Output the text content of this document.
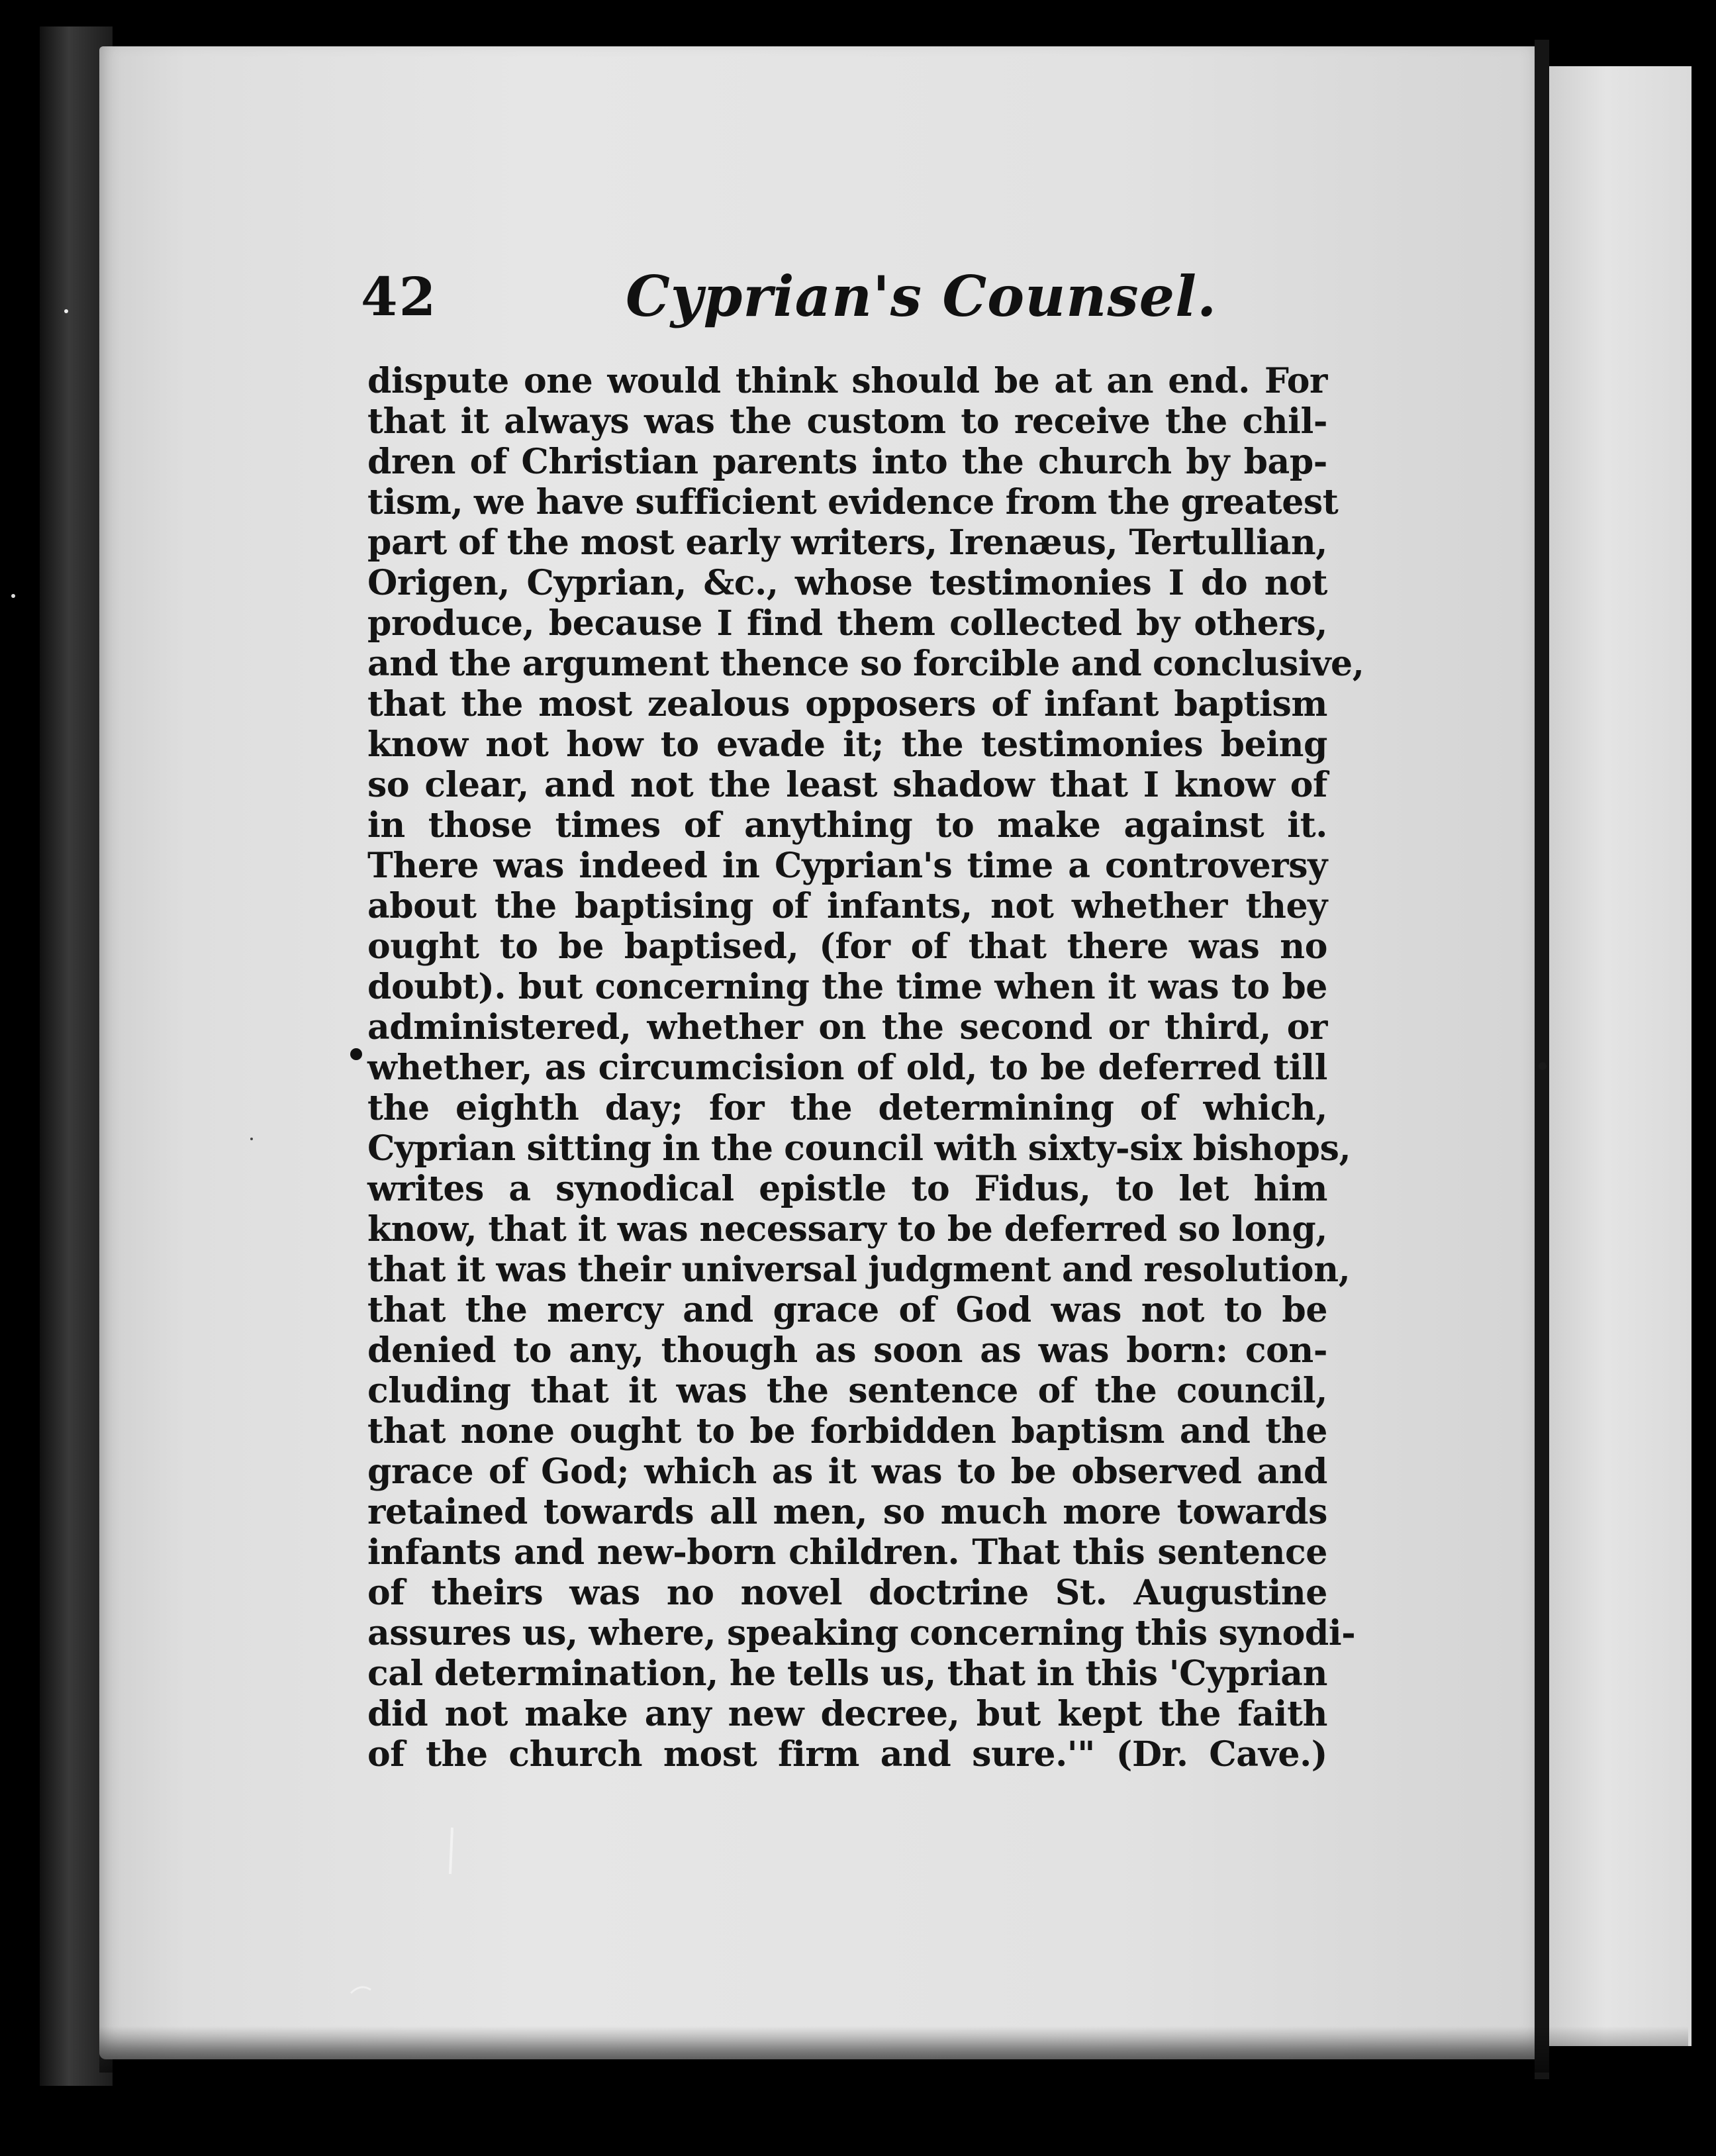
42	Cyprian's Counsel.
dispute one would think should be at an end. For
that it always was the custom to receive the chil-
dren of Christian parents into the church by bap-
tism, we have sufficient evidence from the greatest
part of the most early writers, Irenæus, Tertullian,
Origen, Cyprian, &c., whose testimonies I do not
produce, because I find them collected by others,
and the argument thence so forcible and conclusive,
that the most zealous opposers of infant baptism
know not how to evade it; the testimonies being
so clear, and not the least shadow that I know of
in those times of anything to make against it.
There was indeed in Cyprian's time a controversy
about the baptising of infants, not whether they
ought to be baptised, (for of that there was no
doubt). but concerning the time when it was to be
administered, whether on the second or third, or
whether, as circumcision of old, to be deferred till
the eighth day; for the determining of which,
Cyprian sitting in the council with sixty-six bishops,
writes a synodical epistle to Fidus, to let him
know, that it was necessary to be deferred so long,
that it was their universal judgment and resolution,
that the mercy and grace of God was not to be
denied to any, though as soon as was born: con-
cluding that it was the sentence of the council,
that none ought to be forbidden baptism and the
grace of God; which as it was to be observed and
retained towards all men, so much more towards
infants and new-born children. That this sentence
of theirs was no novel doctrine St. Augustine
assures us, where, speaking concerning this synodi-
cal determination, he tells us, that in this 'Cyprian
did not make any new decree, but kept the faith
of the church most firm and sure.'" (Dr. Cave.)
